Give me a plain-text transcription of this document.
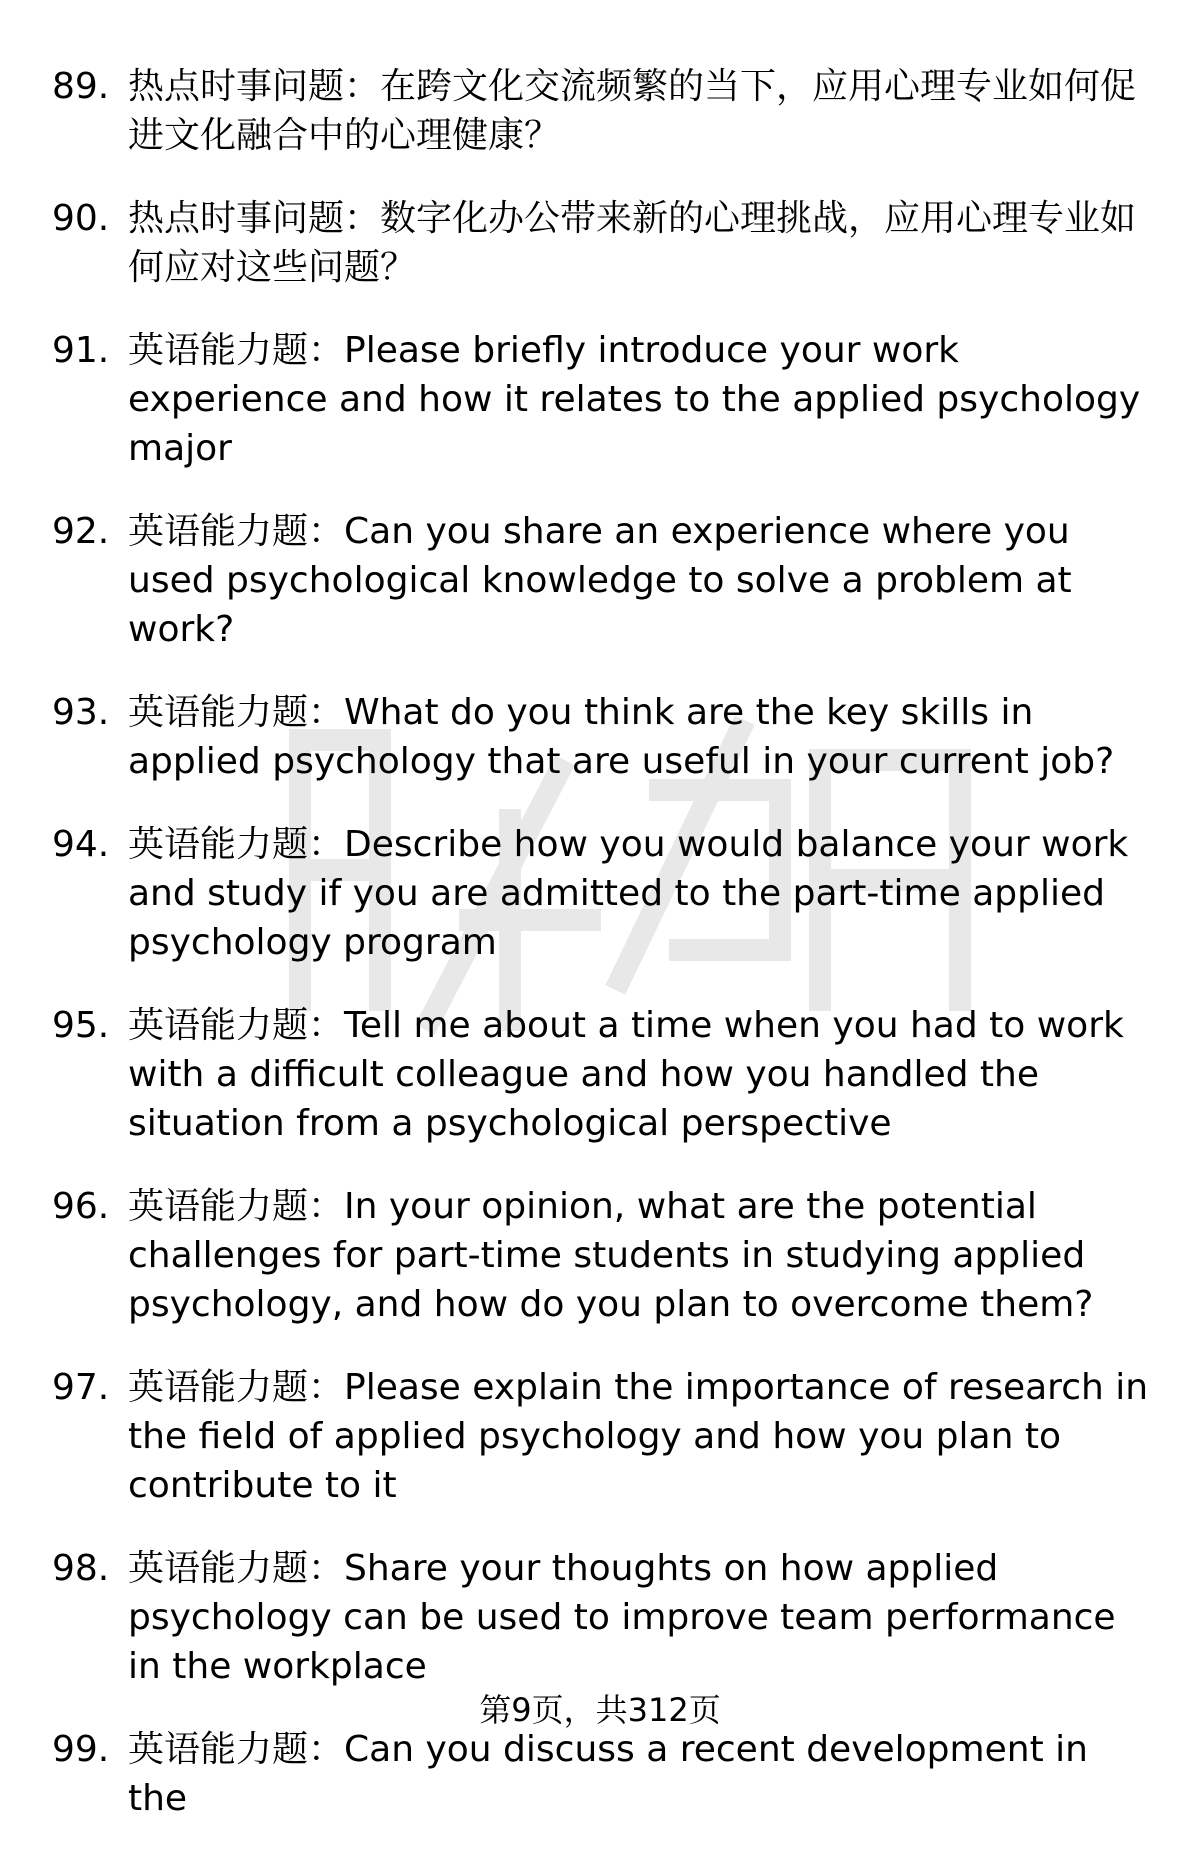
89. 热点时事问题：在跨文化交流频繁的当下，应用心理专业如何促进文化融合中的心理健康？
90. 热点时事问题：数字化办公带来新的心理挑战，应用心理专业如何应对这些问题？
91. 英语能力题：Please briefly introduce your work experience and how it relates to the applied psychology major
92. 英语能力题：Can you share an experience where you used psychological knowledge to solve a problem at work?
93. 英语能力题：What do you think are the key skills in applied psychology that are useful in your current job?
94. 英语能力题：Describe how you would balance your work and study if you are admitted to the part-time applied psychology program
95. 英语能力题：Tell me about a time when you had to work with a difficult colleague and how you handled the situation from a psychological perspective
96. 英语能力题：In your opinion, what are the potential challenges for part-time students in studying applied psychology, and how do you plan to overcome them?
97. 英语能力题：Please explain the importance of research in the field of applied psychology and how you plan to contribute to it
98. 英语能力题：Share your thoughts on how applied psychology can be used to improve team performance in the workplace
99. 英语能力题：Can you discuss a recent development in the
第9页，共312页
